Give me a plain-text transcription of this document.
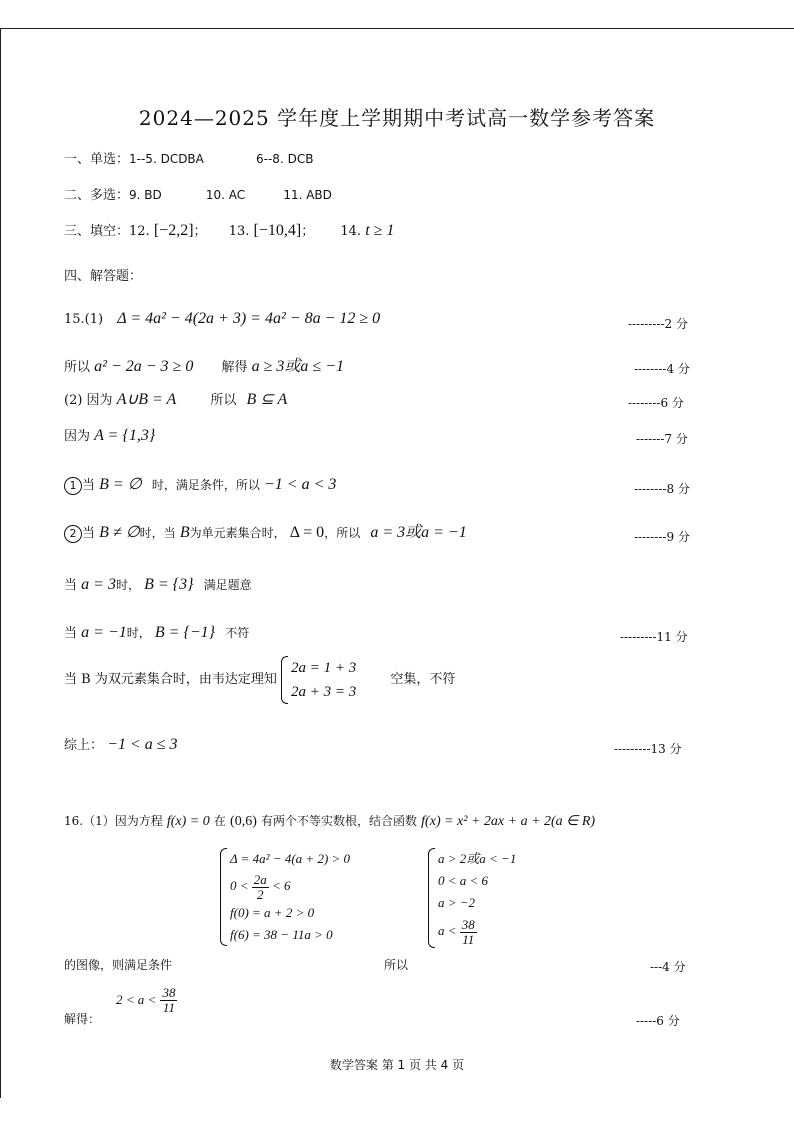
2024—2025 学年度上学期期中考试高一数学参考答案
一、单选：1--5. DCDBA	6--8. DCB
二、多选：9. BD	10. AC	11. ABD
三、填空：12. [−2,2]； 13. [−10,4]； 14. t ≥ 1
四、解答题：
15.(1) Δ = 4a² − 4(2a + 3) = 4a² − 8a − 12 ≥ 0	---------2 分
所以 a² − 2a − 3 ≥ 0 解得 a ≥ 3或a ≤ −1	--------4 分
(2) 因为 A∪B = A	所以 B ⊆ A	--------6 分
因为 A = {1,3}	-------7 分
1 当 B = ∅ 时，满足条件，所以 −1 < a < 3	--------8 分
2 当 B ≠ ∅时，当 B为单元素集合时， Δ = 0，所以 a = 3或a = −1	--------9 分
当 a = 3时， B = {3} 满足题意
当 a = −1时， B = {−1} 不符	---------11 分
当 B 为双元素集合时，由韦达定理知
2a = 1 + 3
2a + 3 = 3
空集，不符
综上： −1 < a ≤ 3	---------13 分
16.（1）因为方程 f(x) = 0 在 (0,6) 有两个不等实数根，结合函数 f(x) = x² + 2ax + a + 2(a ∈ R)
Δ = 4a² − 4(a + 2) > 0
$0 < \frac{2a}{2} < 6$
f(0) = a + 2 > 0
f(6) = 38 − 11a > 0
a > 2或a < −1
0 < a < 6
a > −2
$a < \frac{38}{11}$
的图像，则满足条件	所以	---4 分
解得：
$2 < a < \frac{38}{11}$
-----6 分
数学答案 第 1 页 共 4 页
